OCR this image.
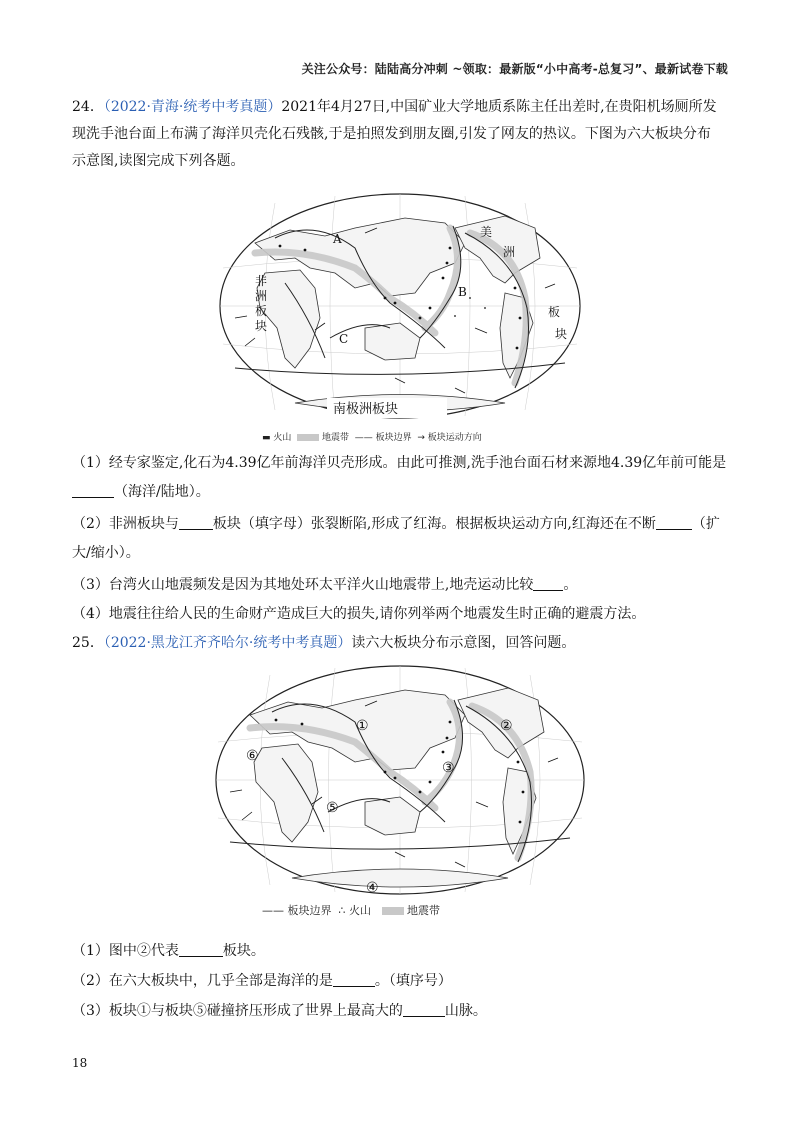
关注公众号：陆陆高分冲刺 ~领取：最新版“小中高考-总复习”、最新试卷下载
24．（2022·青海·统考中考真题）2021年4月27日,中国矿业大学地质系陈主任出差时,在贵阳机场厕所发
现洗手池台面上布满了海洋贝壳化石残骸,于是拍照发到朋友圈,引发了网友的热议。下图为六大板块分布
示意图,读图完成下列各题。
A
B
C
非
洲
板
块
美
洲
板
块
南极洲板块
▬ 火山	地震带  —— 板块边界 → 板块运动方向
（1）经专家鉴定,化石为4.39亿年前海洋贝壳形成。由此可推测,洗手池台面石材来源地4.39亿年前可能是
（海洋/陆地）。
（2）非洲板块与 板块（填字母）张裂断陷,形成了红海。根据板块运动方向,红海还在不断	（扩
大/缩小）。
（3）台湾火山地震频发是因为其地处环太平洋火山地震带上,地壳运动比较 。
（4）地震往往给人民的生命财产造成巨大的损失,请你列举两个地震发生时正确的避震方法。
25．（2022·黑龙江齐齐哈尔·统考中考真题）读六大板块分布示意图，回答问题。
①	②
③
④
⑤
⑥
—— 板块边界 ∴ 火山	地震带
（1）图中②代表	板块。
（2）在六大板块中，几乎全部是海洋的是	。（填序号）
（3）板块①与板块⑤碰撞挤压形成了世界上最高大的	山脉。
18
